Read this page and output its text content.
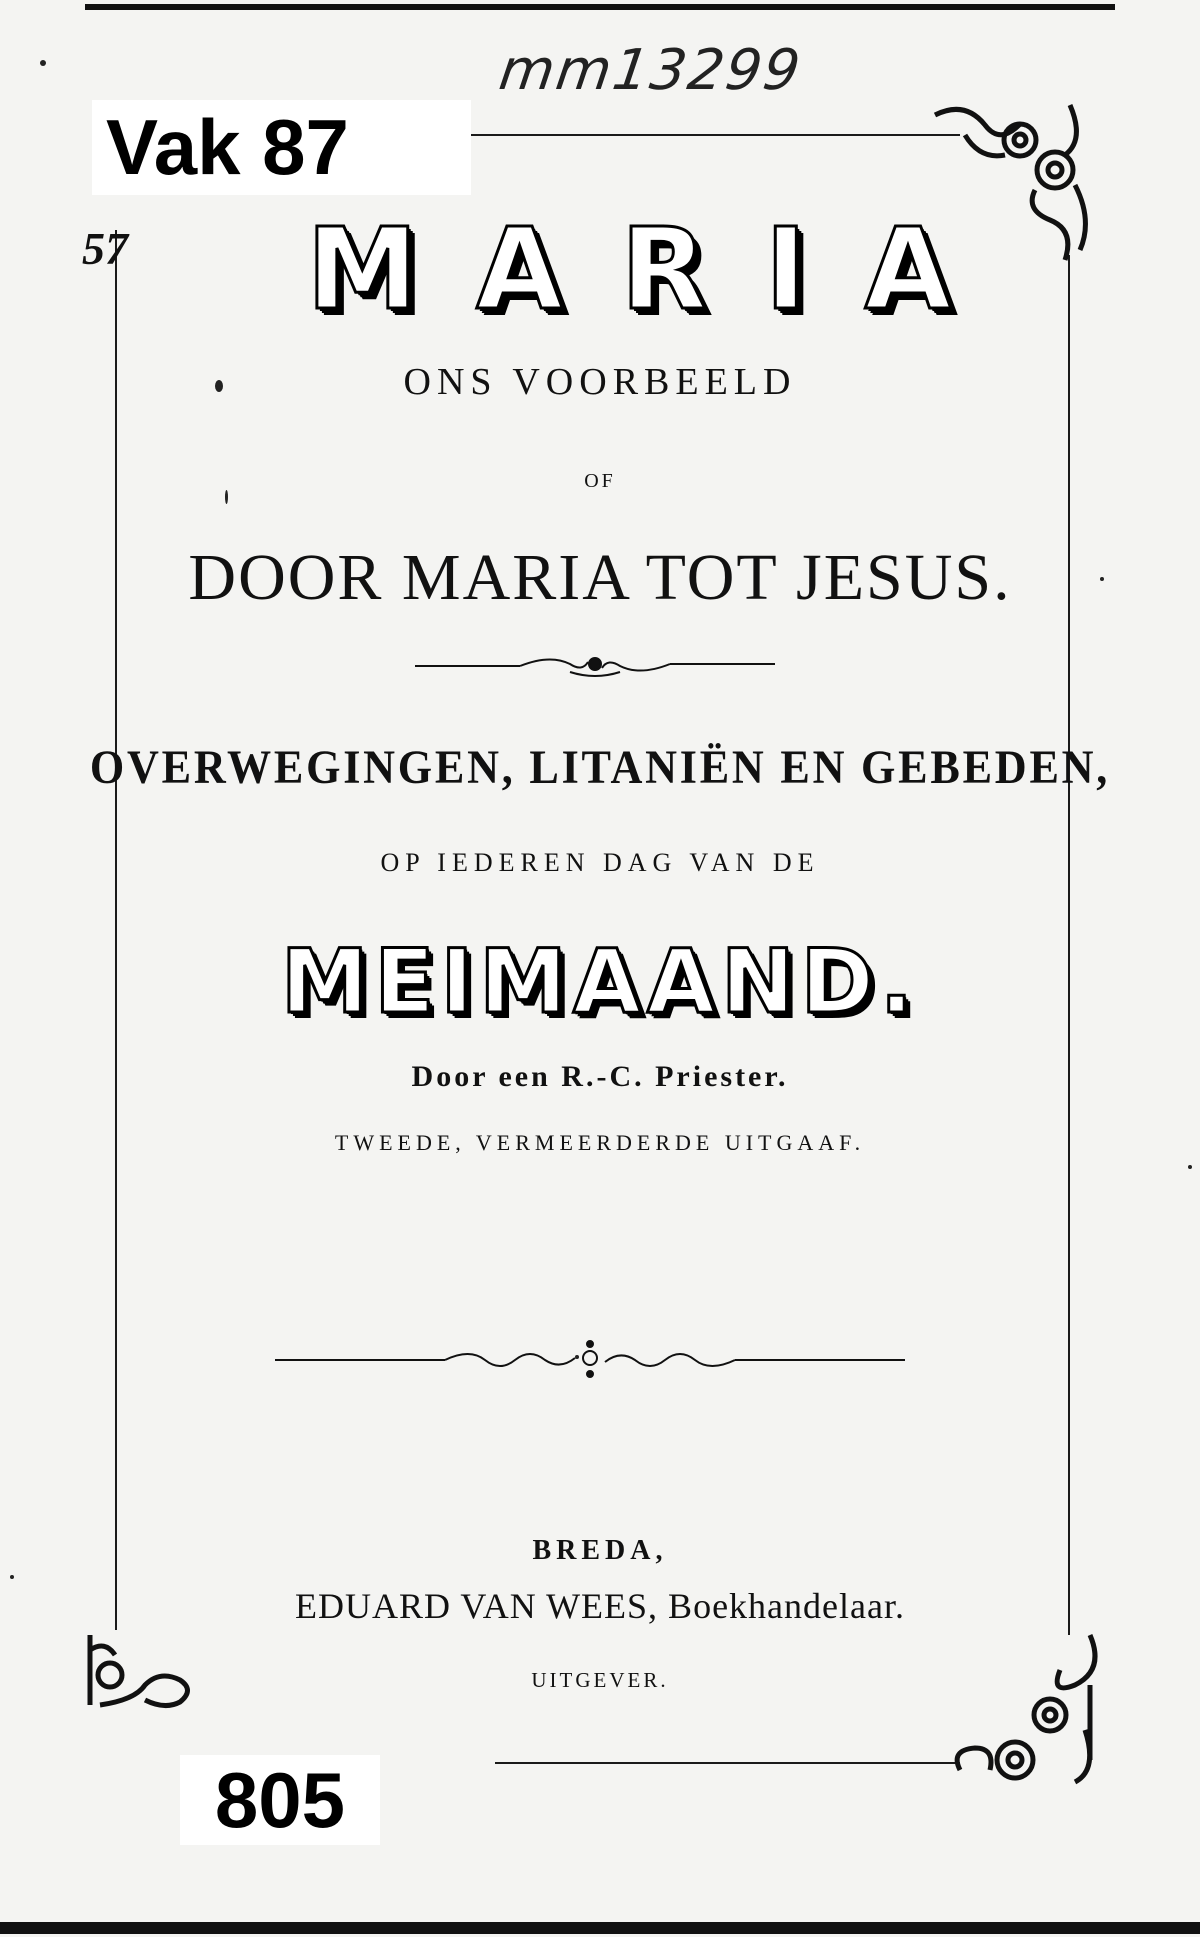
mm13299
Vak 87
57
805
MARIA
ONS VOORBEELD
OF
DOOR MARIA TOT JESUS.
OVERWEGINGEN, LITANIËN EN GEBEDEN,
OP IEDEREN DAG VAN DE
MEIMAAND.
Door een R.-C. Priester.
TWEEDE, VERMEERDERDE UITGAAF.
BREDA,
EDUARD VAN WEES, Boekhandelaar.
UITGEVER.
